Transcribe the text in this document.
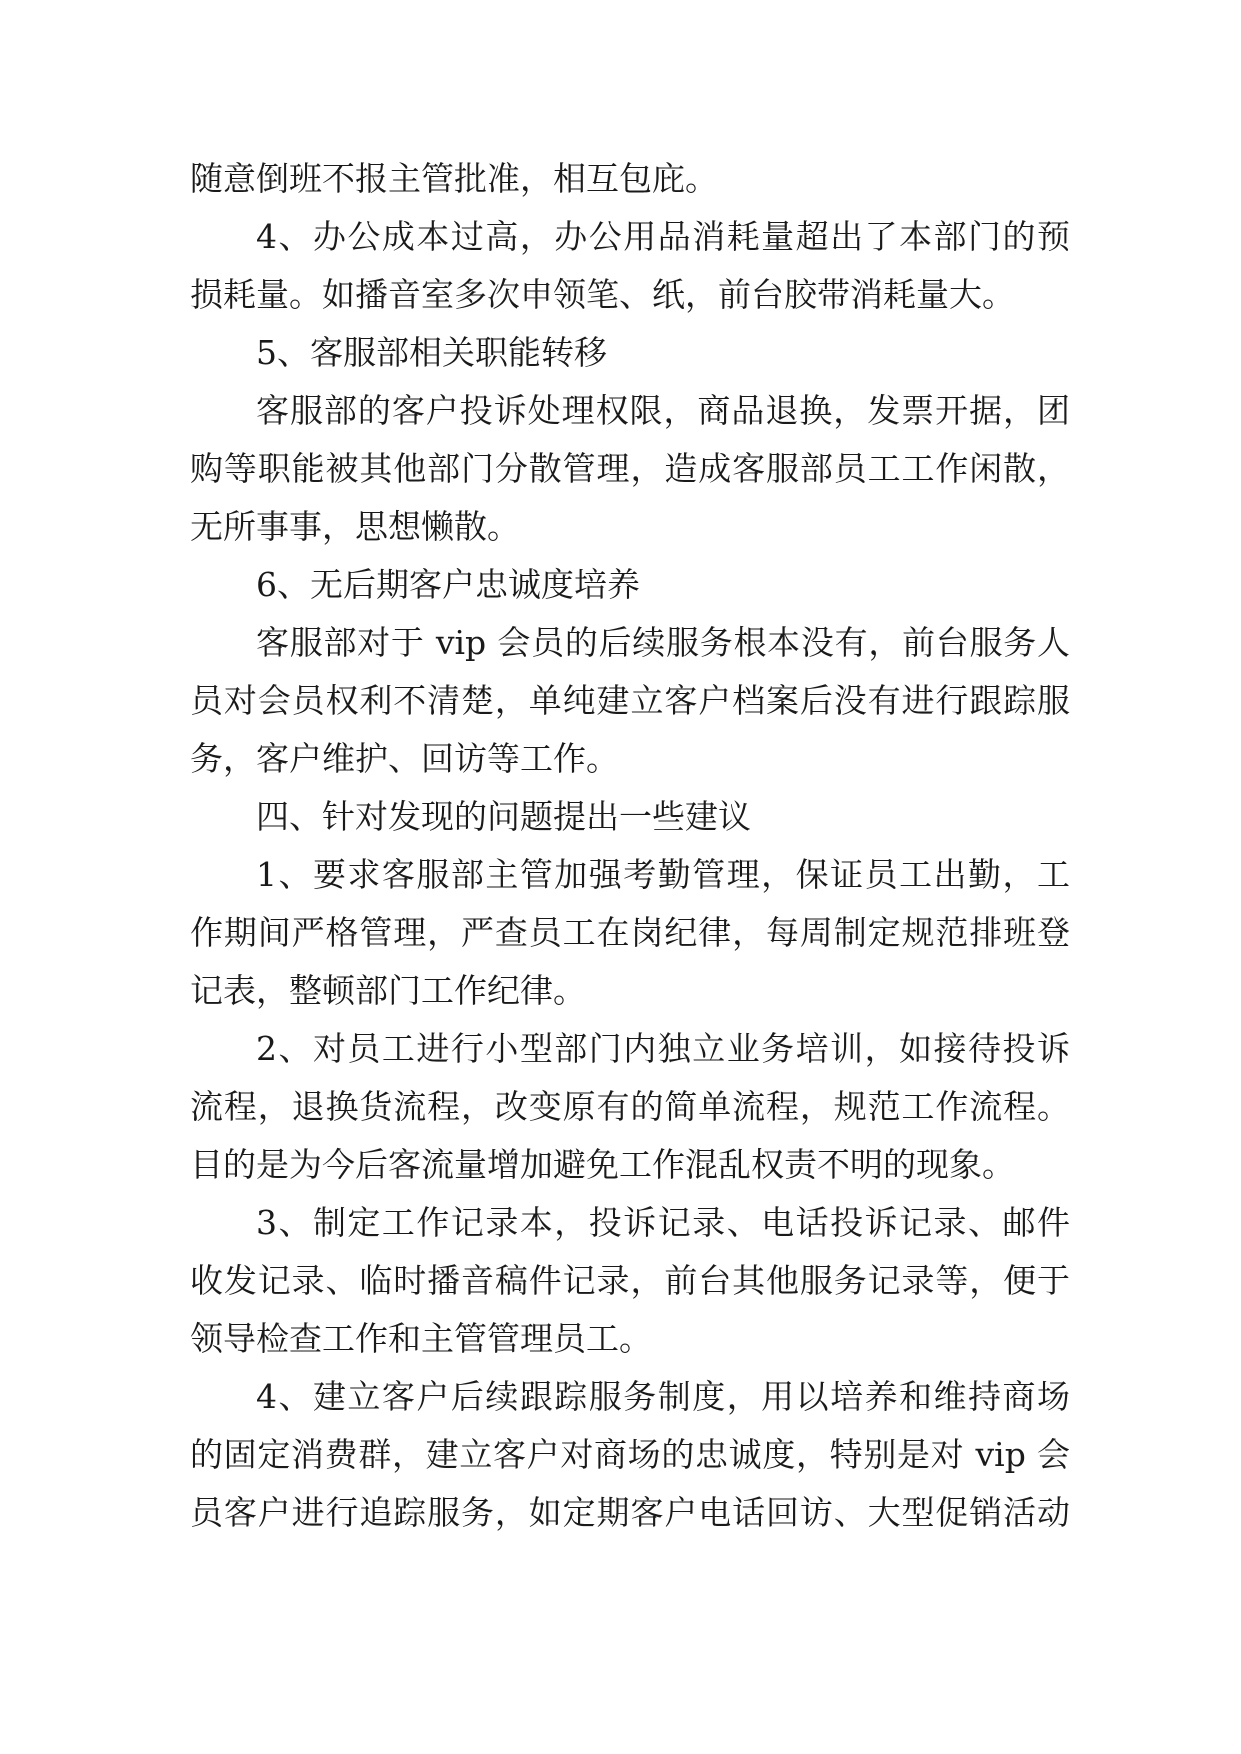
随意倒班不报主管批准，相互包庇。
4、办公成本过高，办公用品消耗量超出了本部门的预
损耗量。如播音室多次申领笔、纸，前台胶带消耗量大。
5、客服部相关职能转移
客服部的客户投诉处理权限，商品退换，发票开据，团
购等职能被其他部门分散管理，造成客服部员工工作闲散，
无所事事，思想懒散。
6、无后期客户忠诚度培养
客服部对于 vip 会员的后续服务根本没有，前台服务人
员对会员权利不清楚，单纯建立客户档案后没有进行跟踪服
务，客户维护、回访等工作。
四、针对发现的问题提出一些建议
1、要求客服部主管加强考勤管理，保证员工出勤，工
作期间严格管理，严查员工在岗纪律，每周制定规范排班登
记表，整顿部门工作纪律。
2、对员工进行小型部门内独立业务培训，如接待投诉
流程，退换货流程，改变原有的简单流程，规范工作流程。
目的是为今后客流量增加避免工作混乱权责不明的现象。
3、制定工作记录本，投诉记录、电话投诉记录、邮件
收发记录、临时播音稿件记录，前台其他服务记录等，便于
领导检查工作和主管管理员工。
4、建立客户后续跟踪服务制度，用以培养和维持商场
的固定消费群，建立客户对商场的忠诚度，特别是对 vip 会
员客户进行追踪服务，如定期客户电话回访、大型促销活动
